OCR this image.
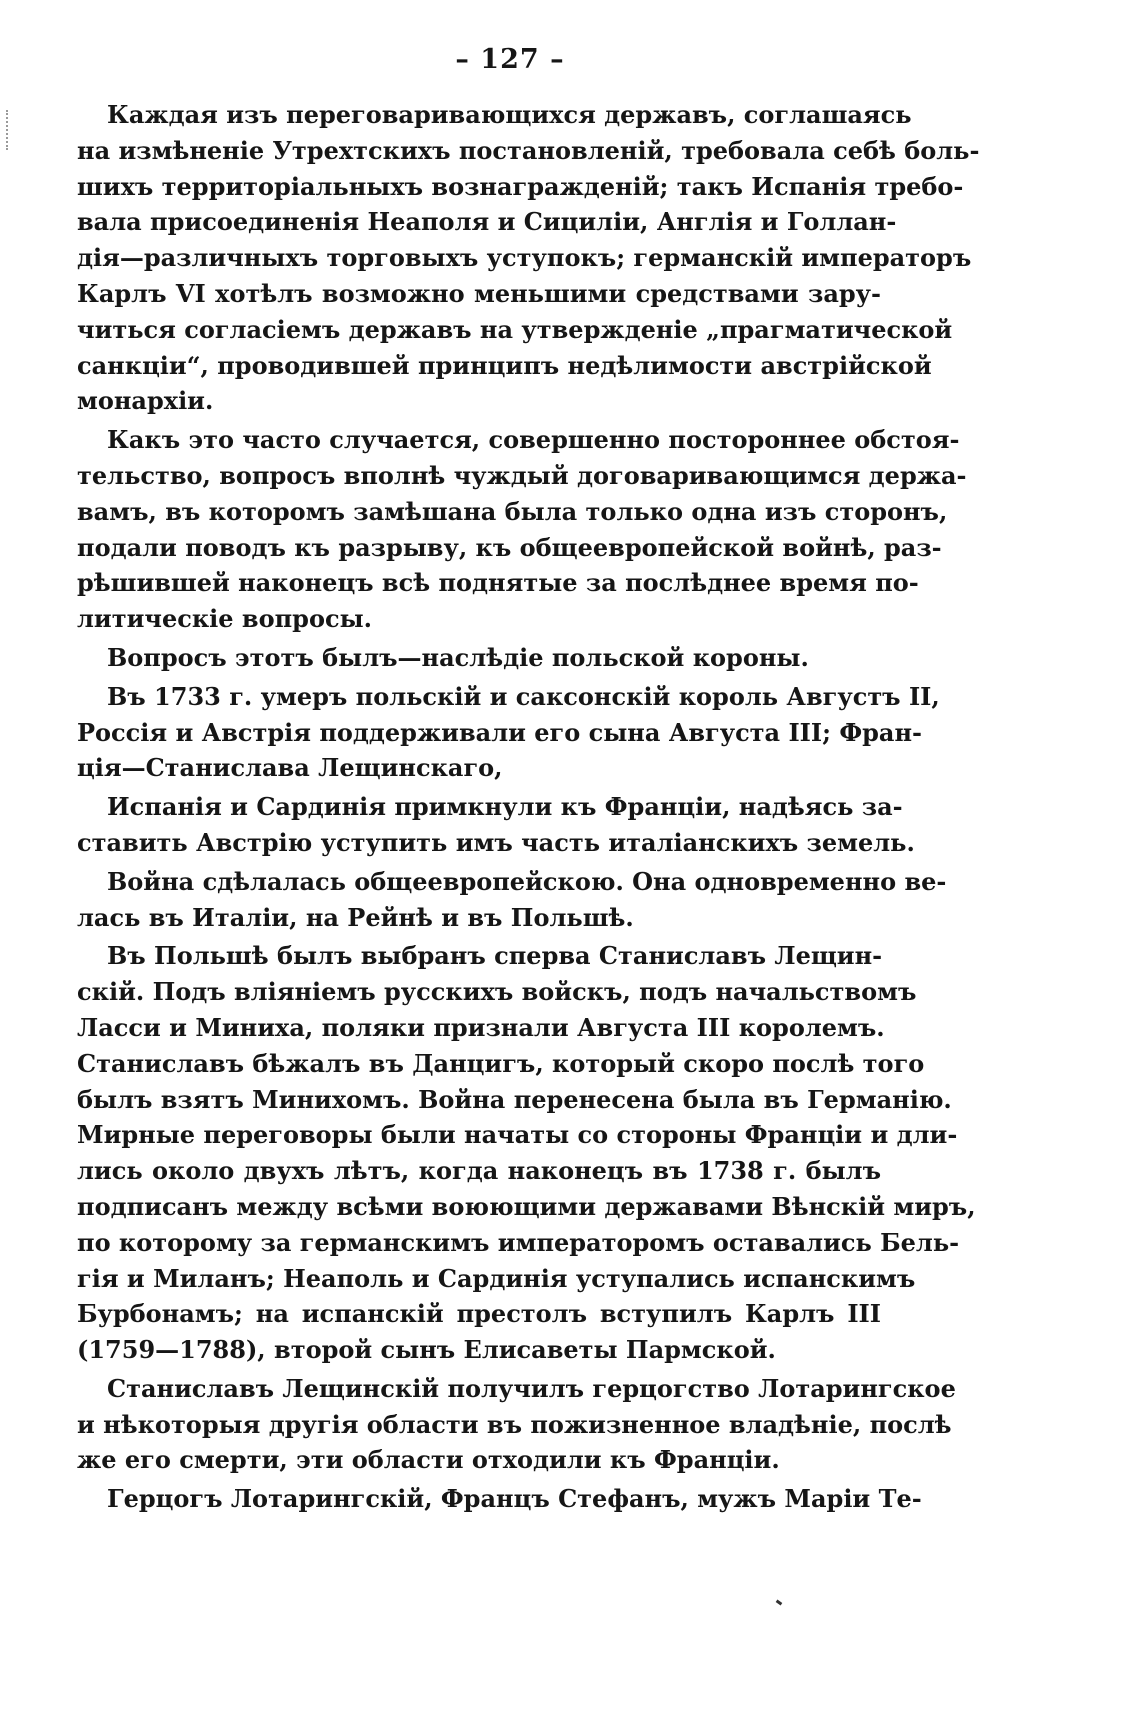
– 127 –
Каждая изъ переговаривающихся державъ, соглашаясь
на измѣненіе Утрехтскихъ постановленій, требовала себѣ боль-
шихъ территоріальныхъ вознагражденій; такъ Испанія требо-
вала присоединенія Неаполя и Сициліи, Англія и Голлан-
дія—различныхъ торговыхъ уступокъ; германскій императоръ
Карлъ VI хотѣлъ возможно меньшими средствами зару-
читься согласіемъ державъ на утвержденіе „прагматической
санкціи“, проводившей принципъ недѣлимости австрійской
монархіи.
Какъ это часто случается, совершенно постороннее обстоя-
тельство, вопросъ вполнѣ чуждый договаривающимся держа-
вамъ, въ которомъ замѣшана была только одна изъ сторонъ,
подали поводъ къ разрыву, къ общеевропейской войнѣ, раз-
рѣшившей наконецъ всѣ поднятые за послѣднее время по-
литическіе вопросы.
Вопросъ этотъ былъ—наслѣдіе польской короны.
Въ 1733 г. умеръ польскій и саксонскій король Августъ II,
Россія и Австрія поддерживали его сына Августа III; Фран-
ція—Станислава Лещинскаго,
Испанія и Сардинія примкнули къ Франціи, надѣясь за-
ставить Австрію уступить имъ часть италіанскихъ земель.
Война сдѣлалась общеевропейскою. Она одновременно ве-
лась въ Италіи, на Рейнѣ и въ Польшѣ.
Въ Польшѣ былъ выбранъ сперва Станиславъ Лещин-
скій. Подъ вліяніемъ русскихъ войскъ, подъ начальствомъ
Ласси и Миниха, поляки признали Августа III королемъ.
Станиславъ бѣжалъ въ Данцигъ, который скоро послѣ того
былъ взятъ Минихомъ. Война перенесена была въ Германію.
Мирные переговоры были начаты со стороны Франціи и дли-
лись около двухъ лѣтъ, когда наконецъ въ 1738 г. былъ
подписанъ между всѣми воюющими державами Вѣнскій миръ,
по которому за германскимъ императоромъ оставались Бель-
гія и Миланъ; Неаполь и Сардинія уступались испанскимъ
Бурбонамъ; на испанскій престолъ вступилъ Карлъ III
(1759—1788), второй сынъ Елисаветы Пармской.
Станиславъ Лещинскій получилъ герцогство Лотарингское
и нѣкоторыя другія области въ пожизненное владѣніе, послѣ
же его смерти, эти области отходили къ Франціи.
Герцогъ Лотарингскій, Францъ Стефанъ, мужъ Маріи Те-
